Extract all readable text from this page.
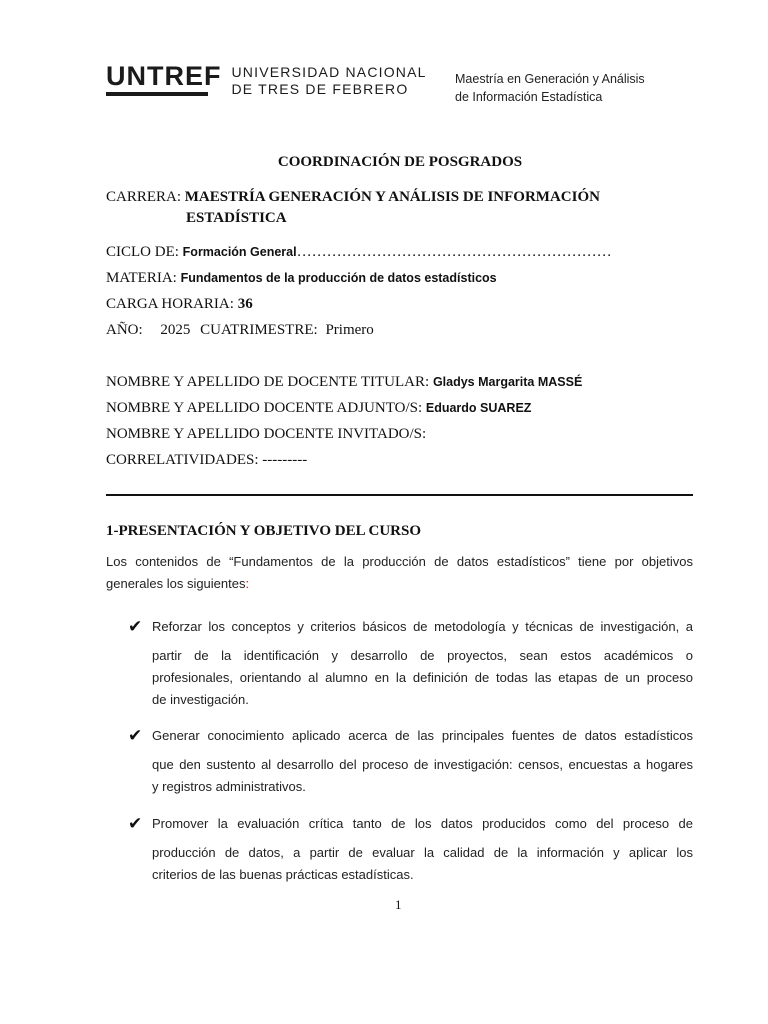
UNTREF UNIVERSIDAD NACIONAL
DE TRES DE FEBRERO
Maestría en Generación y Análisis
de Información Estadística
COORDINACIÓN DE POSGRADOS
CARRERA: MAESTRÍA GENERACIÓN Y ANÁLISIS DE INFORMACIÓN
ESTADÍSTICA
CICLO DE: Formación General………………………………………………………
MATERIA: Fundamentos de la producción de datos estadísticos
CARGA HORARIA: 36
AÑO: 2025 CUATRIMESTRE: Primero
NOMBRE Y APELLIDO DE DOCENTE TITULAR: Gladys Margarita MASSÉ
NOMBRE Y APELLIDO DOCENTE ADJUNTO/S: Eduardo SUAREZ
NOMBRE Y APELLIDO DOCENTE INVITADO/S:
CORRELATIVIDADES: ---------
1-PRESENTACIÓN Y OBJETIVO DEL CURSO
Los contenidos de “Fundamentos de la producción de datos estadísticos” tiene por objetivos
generales los siguientes:
✔ Reforzar los conceptos y criterios básicos de metodología y técnicas de investigación, a
partir de la identificación y desarrollo de proyectos, sean estos académicos o
profesionales, orientando al alumno en la definición de todas las etapas de un proceso
de investigación.
✔ Generar conocimiento aplicado acerca de las principales fuentes de datos estadísticos
que den sustento al desarrollo del proceso de investigación: censos, encuestas a hogares
y registros administrativos.
✔ Promover la evaluación crítica tanto de los datos producidos como del proceso de
producción de datos, a partir de evaluar la calidad de la información y aplicar los
criterios de las buenas prácticas estadísticas.
1
